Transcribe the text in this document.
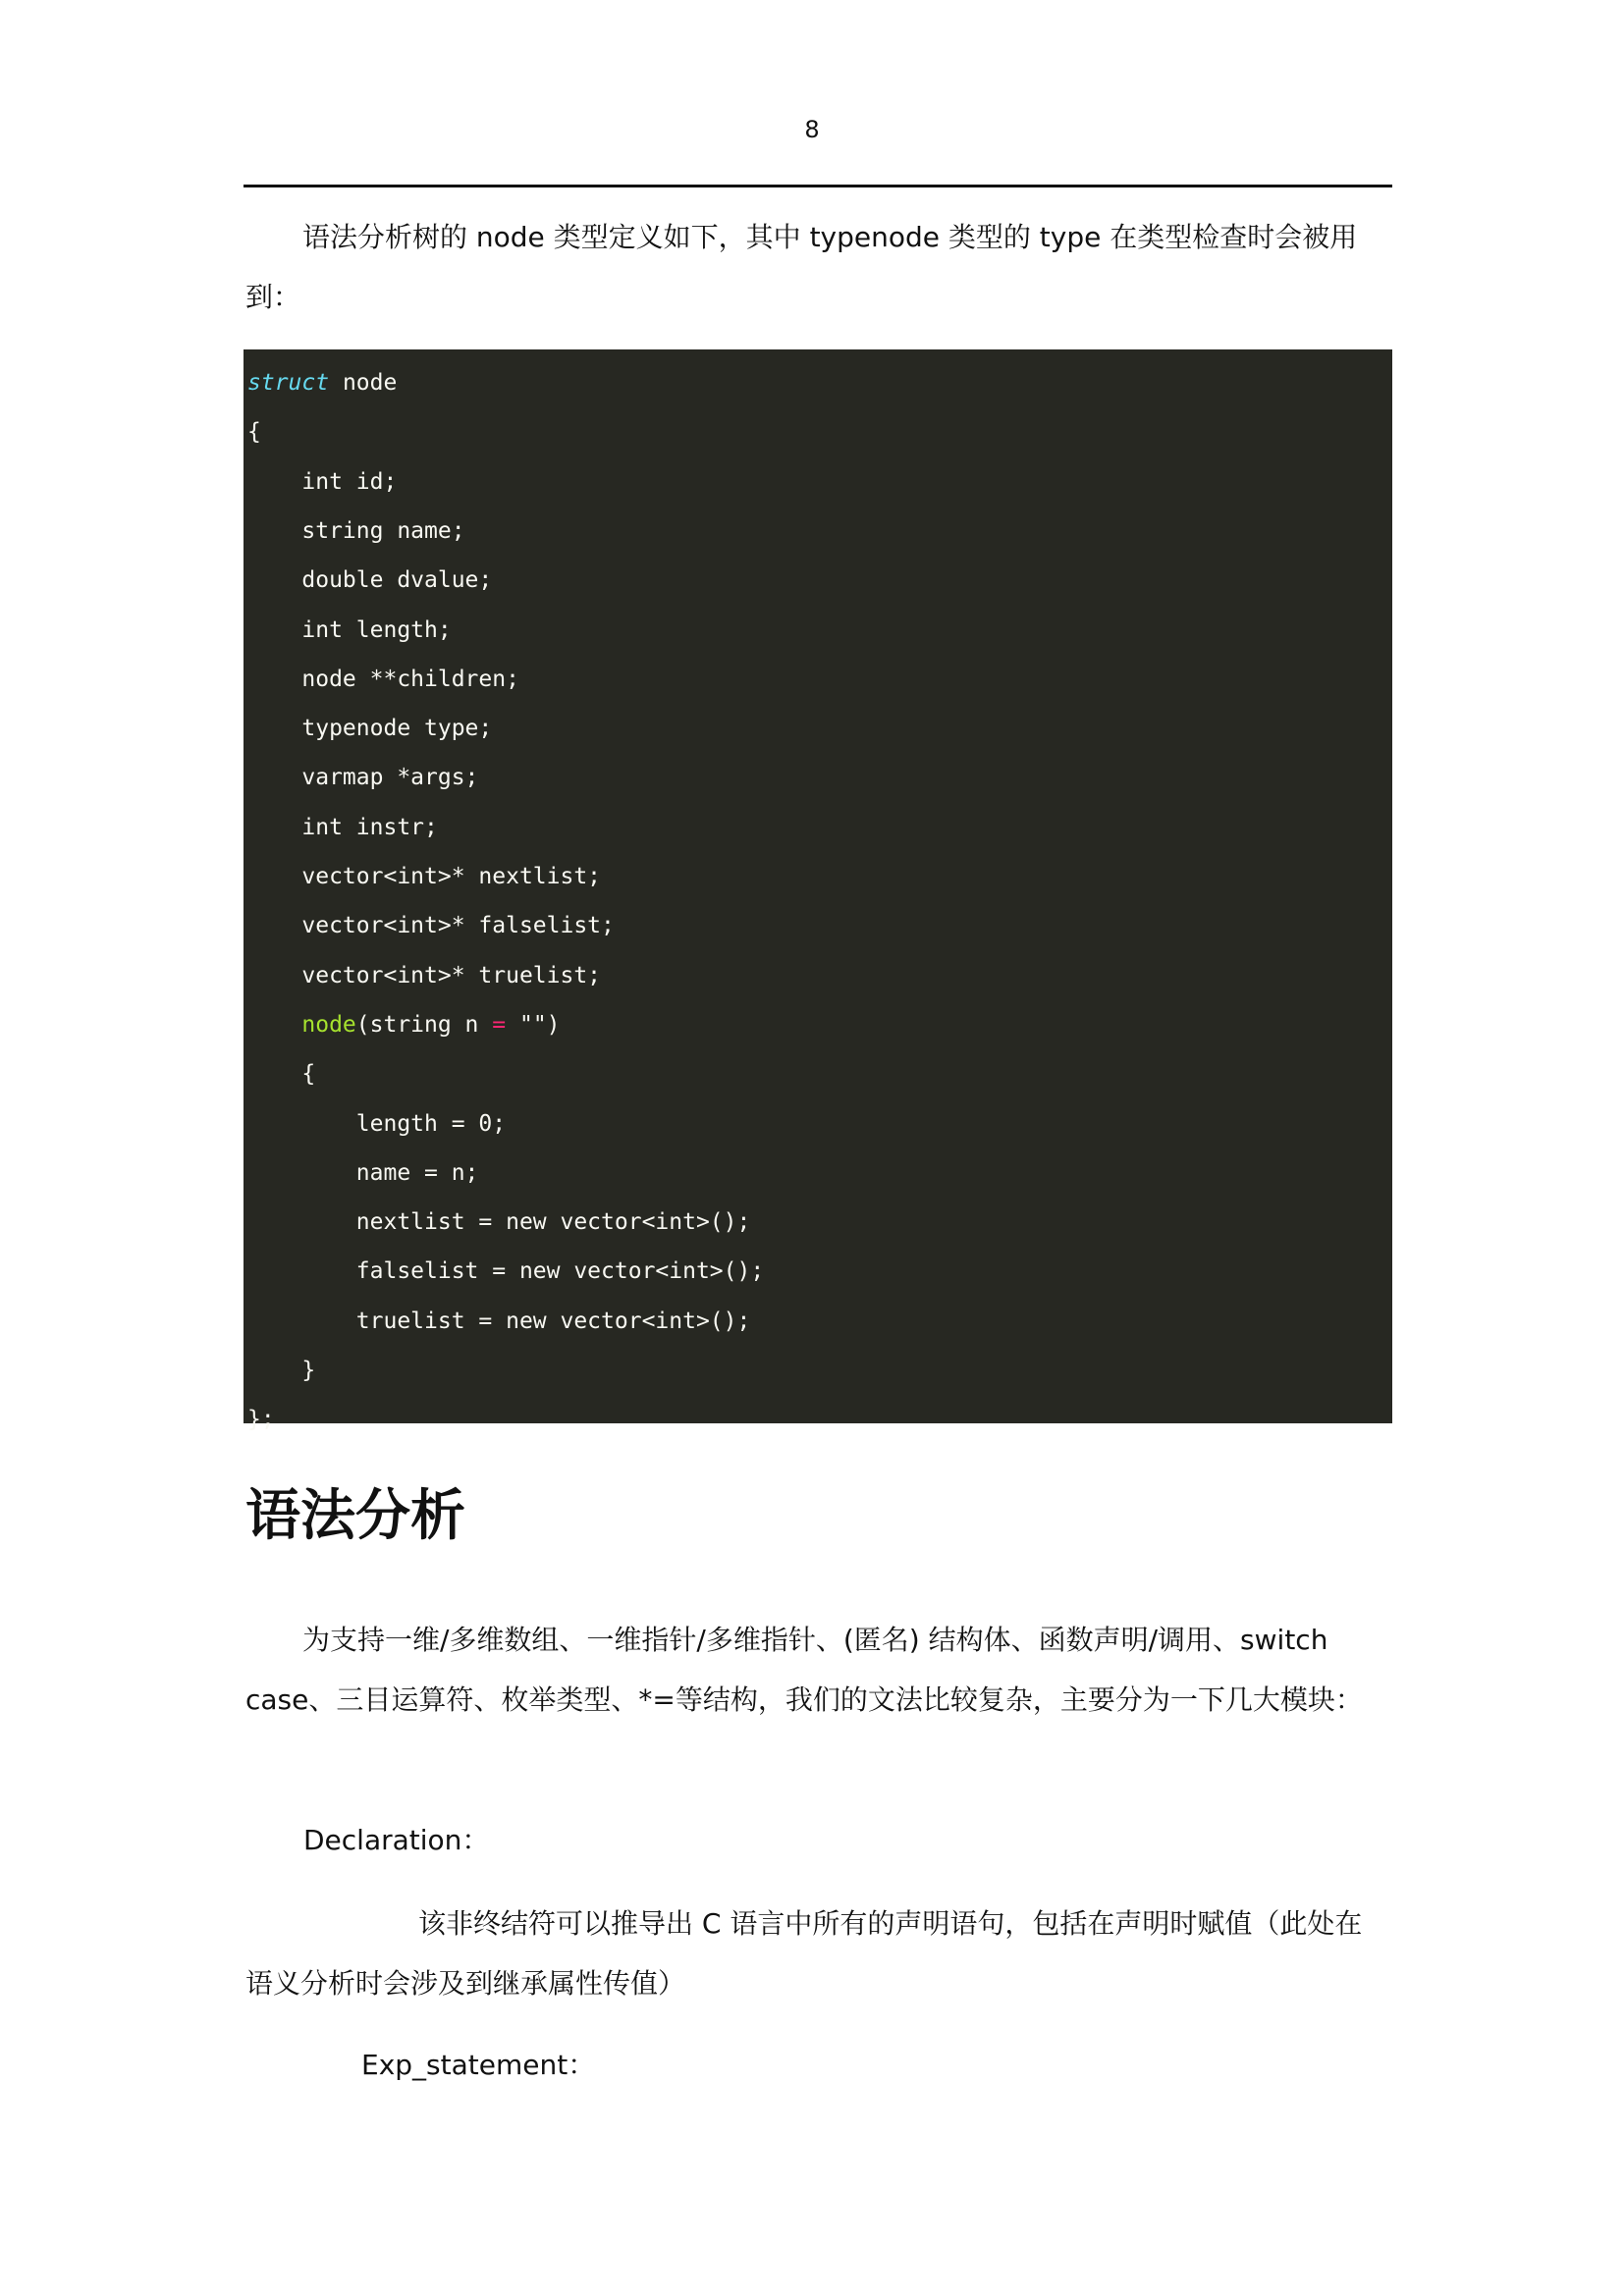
8

语法分析树的 node 类型定义如下，其中 typenode 类型的 type 在类型检查时会被用到：

struct node
{
int id;
string name;
double dvalue;
int length;
node **children;
typenode type;
varmap *args;
int instr;
vector<int>* nextlist;
vector<int>* falselist;
vector<int>* truelist;
node(string n = "")
{
length = 0;
name = n;
nextlist = new vector<int>();
falselist = new vector<int>();
truelist = new vector<int>();
}
};
语法分析

为支持一维/多维数组、一维指针/多维指针、(匿名) 结构体、函数声明/调用、switch case、三目运算符、枚举类型、*=等结构，我们的文法比较复杂，主要分为一下几大模块：

Declaration：

该非终结符可以推导出 C 语言中所有的声明语句，包括在声明时赋值（此处在语义分析时会涉及到继承属性传值）

Exp_statement：
